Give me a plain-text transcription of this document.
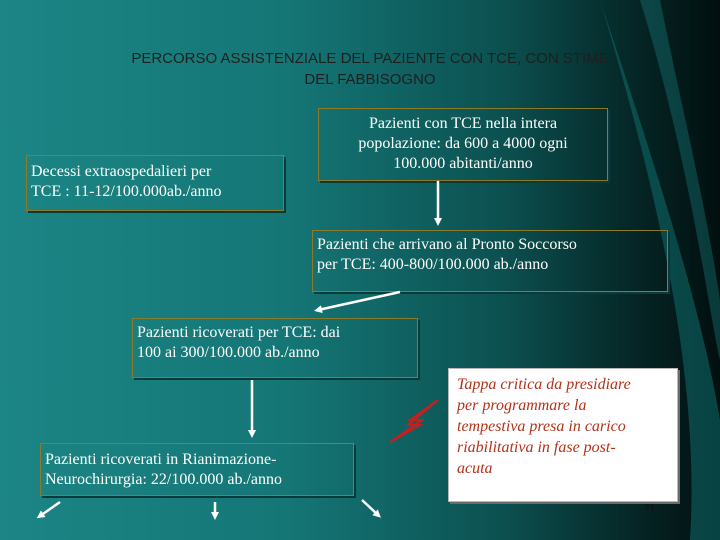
PERCORSO ASSISTENZIALE DEL PAZIENTE CON TCE, CON STIME
DEL FABBISOGNO
Decessi extraospedalieri per
TCE : 11-12/100.000ab./anno
Pazienti con TCE nella intera
popolazione: da 600 a 4000 ogni
100.000 abitanti/anno
Pazienti che arrivano al Pronto Soccorso
per TCE: 400-800/100.000 ab./anno
Pazienti ricoverati per TCE: dai
100 ai 300/100.000 ab./anno
Pazienti ricoverati in Rianimazione-
Neurochirurgia: 22/100.000 ab./anno
Tappa critica da presidiare
per programmare la
tempestiva presa in carico
riabilitativa in fase post-
acuta
71
